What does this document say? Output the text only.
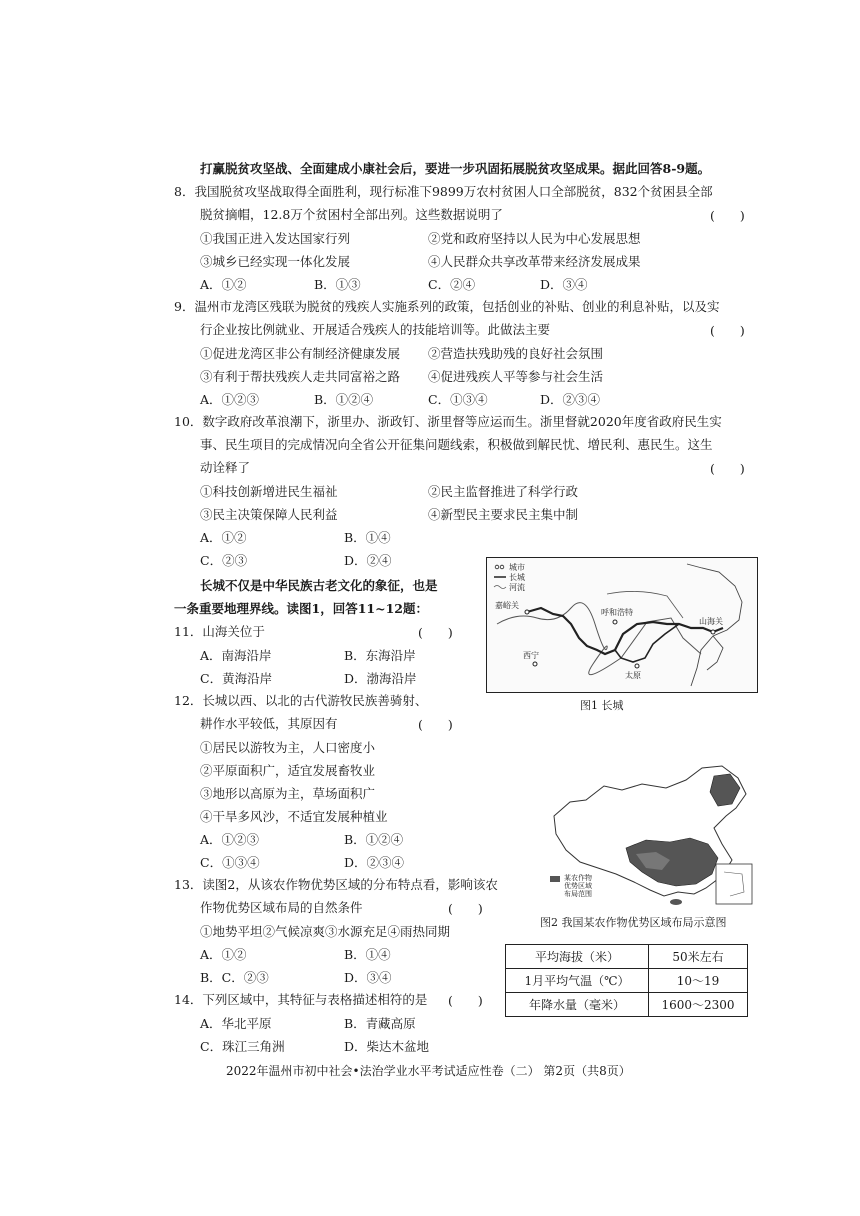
打赢脱贫攻坚战、全面建成小康社会后，要进一步巩固拓展脱贫攻坚成果。据此回答8-9题。
8．我国脱贫攻坚战取得全面胜利，现行标准下9899万农村贫困人口全部脱贫，832个贫困县全部
脱贫摘帽，12.8万个贫困村全部出列。这些数据说明了	(　　)
①我国正进入发达国家行列	②党和政府坚持以人民为中心发展思想
③城乡已经实现一体化发展	④人民群众共享改革带来经济发展成果
A．①②	B．①③	C．②④	D．③④
9．温州市龙湾区残联为脱贫的残疾人实施系列的政策，包括创业的补贴、创业的利息补贴，以及实
行企业按比例就业、开展适合残疾人的技能培训等。此做法主要	(　　)
①促进龙湾区非公有制经济健康发展 ②营造扶残助残的良好社会氛围
③有利于帮扶残疾人走共同富裕之路 ④促进残疾人平等参与社会生活
A．①②③	B．①②④	C．①③④	D．②③④
10．数字政府改革浪潮下，浙里办、浙政钉、浙里督等应运而生。浙里督就2020年度省政府民生实
事、民生项目的完成情况向全省公开征集问题线索，积极做到解民忧、增民利、惠民生。这生
动诠释了	(　　)
①科技创新增进民生福祉	②民主监督推进了科学行政
③民主决策保障人民利益	④新型民主要求民主集中制
A．①②	B．①④
C．②③	D．②④
长城不仅是中华民族古老文化的象征，也是
一条重要地理界线。读图1，回答11~12题：
11．山海关位于	(　　)
A．南海沿岸	B．东海沿岸
C．黄海沿岸	D．渤海沿岸
12．长城以西、以北的古代游牧民族善骑射、
耕作水平较低，其原因有	(　　)
①居民以游牧为主，人口密度小
②平原面积广，适宜发展畜牧业
③地形以高原为主，草场面积广
④干旱多风沙，不适宜发展种植业
A．①②③	B．①②④
C．①③④	D．②③④
13．读图2，从该农作物优势区域的分布特点看，影响该农
作物优势区域布局的自然条件	(　　)
①地势平坦②气候凉爽③水源充足④雨热同期
A．①②	B．①④
B．C．②③	D．③④
14．下列区域中，其特征与表格描述相符的是 (　　)
A．华北平原	B．青藏高原
C．珠江三角洲	D．柴达木盆地
城市
长城
河流
嘉峪关
呼和浩特
山海关
西宁
太原
图1 长城
某农作物
优势区域
布局范围
图2 我国某农作物优势区域布局示意图
平均海拔（米）	50米左右
1月平均气温（℃）	10～19
年降水量（毫米）	1600～2300
2022年温州市初中社会•法治学业水平考试适应性卷（二） 第2页（共8页）
